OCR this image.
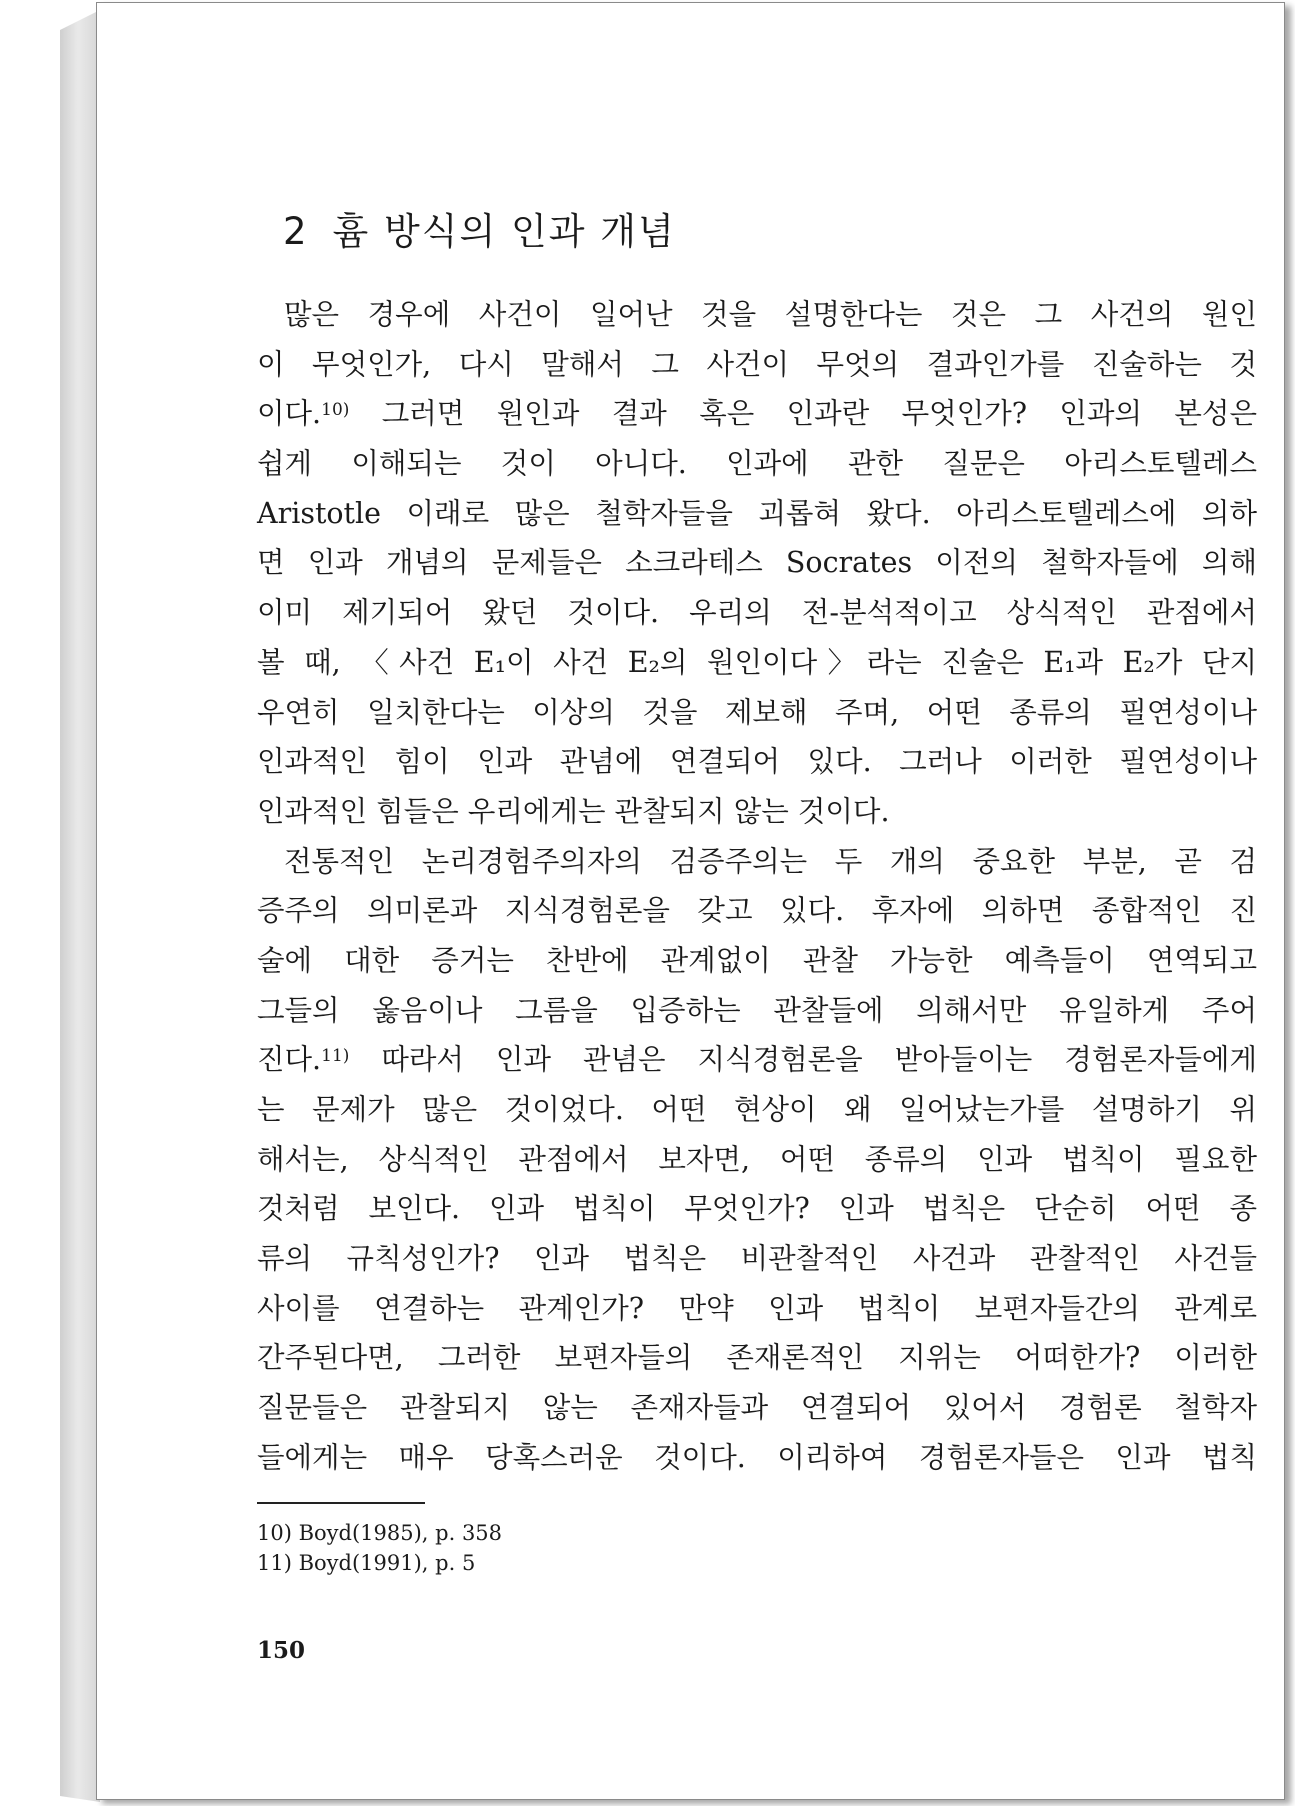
2 흄 방식의 인과 개념
많은 경우에 사건이 일어난 것을 설명한다는 것은 그 사건의 원인
이 무엇인가, 다시 말해서 그 사건이 무엇의 결과인가를 진술하는 것
이다.$^{10)}$ 그러면 원인과 결과 혹은 인과란 무엇인가? 인과의 본성은
쉽게 이해되는 것이 아니다. 인과에 관한 질문은 아리스토텔레스
Aristotle 이래로 많은 철학자들을 괴롭혀 왔다. 아리스토텔레스에 의하
면 인과 개념의 문제들은 소크라테스 Socrates 이전의 철학자들에 의해
이미 제기되어 왔던 것이다. 우리의 전-분석적이고 상식적인 관점에서
볼 때, 〈사건 E₁이 사건 E₂의 원인이다〉라는 진술은 E₁과 E₂가 단지
우연히 일치한다는 이상의 것을 제보해 주며, 어떤 종류의 필연성이나
인과적인 힘이 인과 관념에 연결되어 있다. 그러나 이러한 필연성이나
인과적인 힘들은 우리에게는 관찰되지 않는 것이다.
전통적인 논리경험주의자의 검증주의는 두 개의 중요한 부분, 곧 검
증주의 의미론과 지식경험론을 갖고 있다. 후자에 의하면 종합적인 진
술에 대한 증거는 찬반에 관계없이 관찰 가능한 예측들이 연역되고
그들의 옳음이나 그름을 입증하는 관찰들에 의해서만 유일하게 주어
진다.$^{11)}$ 따라서 인과 관념은 지식경험론을 받아들이는 경험론자들에게
는 문제가 많은 것이었다. 어떤 현상이 왜 일어났는가를 설명하기 위
해서는, 상식적인 관점에서 보자면, 어떤 종류의 인과 법칙이 필요한
것처럼 보인다. 인과 법칙이 무엇인가? 인과 법칙은 단순히 어떤 종
류의 규칙성인가? 인과 법칙은 비관찰적인 사건과 관찰적인 사건들
사이를 연결하는 관계인가? 만약 인과 법칙이 보편자들간의 관계로
간주된다면, 그러한 보편자들의 존재론적인 지위는 어떠한가? 이러한
질문들은 관찰되지 않는 존재자들과 연결되어 있어서 경험론 철학자
들에게는 매우 당혹스러운 것이다. 이리하여 경험론자들은 인과 법칙
10) Boyd(1985), p. 358
11) Boyd(1991), p. 5
150
